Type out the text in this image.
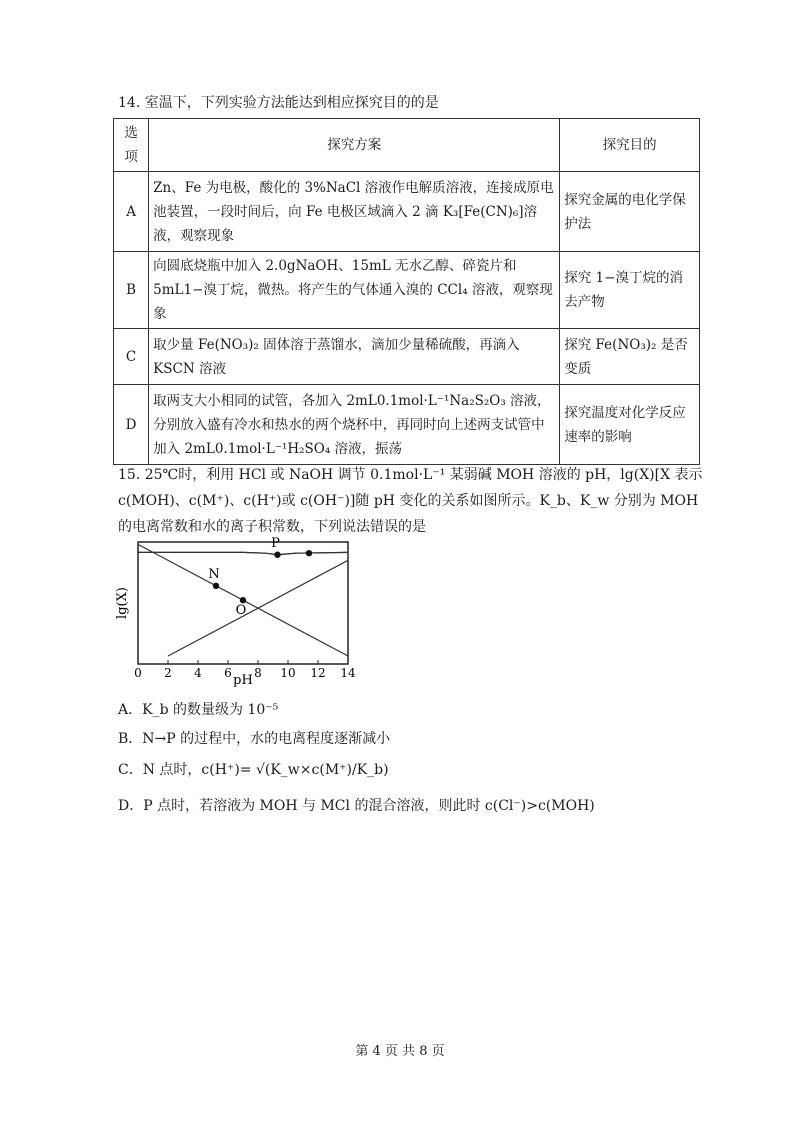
14. 室温下，下列实验方法能达到相应探究目的的是
选项	探究方案	探究目的
A	Zn、Fe 为电极，酸化的 3%NaCl 溶液作电解质溶液，连接成原电池装置，一段时间后，向 Fe 电极区域滴入 2 滴 K₃[Fe(CN)₆]溶液，观察现象	探究金属的电化学保护法
B	向圆底烧瓶中加入 2.0gNaOH、15mL 无水乙醇、碎瓷片和 5mL1−溴丁烷，微热。将产生的气体通入溴的 CCl₄ 溶液，观察现象	探究 1−溴丁烷的消去产物
C	取少量 Fe(NO₃)₂ 固体溶于蒸馏水，滴加少量稀硫酸，再滴入 KSCN 溶液	探究 Fe(NO₃)₂ 是否变质
D	取两支大小相同的试管，各加入 2mL0.1mol·L⁻¹Na₂S₂O₃ 溶液，分别放入盛有冷水和热水的两个烧杯中，再同时向上述两支试管中加入 2mL0.1mol·L⁻¹H₂SO₄ 溶液，振荡	探究温度对化学反应速率的影响
15. 25℃时，利用 HCl 或 NaOH 调节 0.1mol·L⁻¹ 某弱碱 MOH 溶液的 pH，lg(X)[X 表示 c(MOH)、c(M⁺)、c(H⁺)或 c(OH⁻)]随 pH 变化的关系如图所示。K_b、K_w 分别为 MOH 的电离常数和水的离子积常数，下列说法错误的是
lg(X)
pH
0 2 4 6 8 10 12 14
N
O
P
A．K_b 的数量级为 10⁻⁵
B．N→P 的过程中，水的电离程度逐渐减小
C．N 点时，c(H⁺)= √(K_w×c(M⁺)/K_b)
D．P 点时，若溶液为 MOH 与 MCl 的混合溶液，则此时 c(Cl⁻)>c(MOH)
第 4 页 共 8 页
